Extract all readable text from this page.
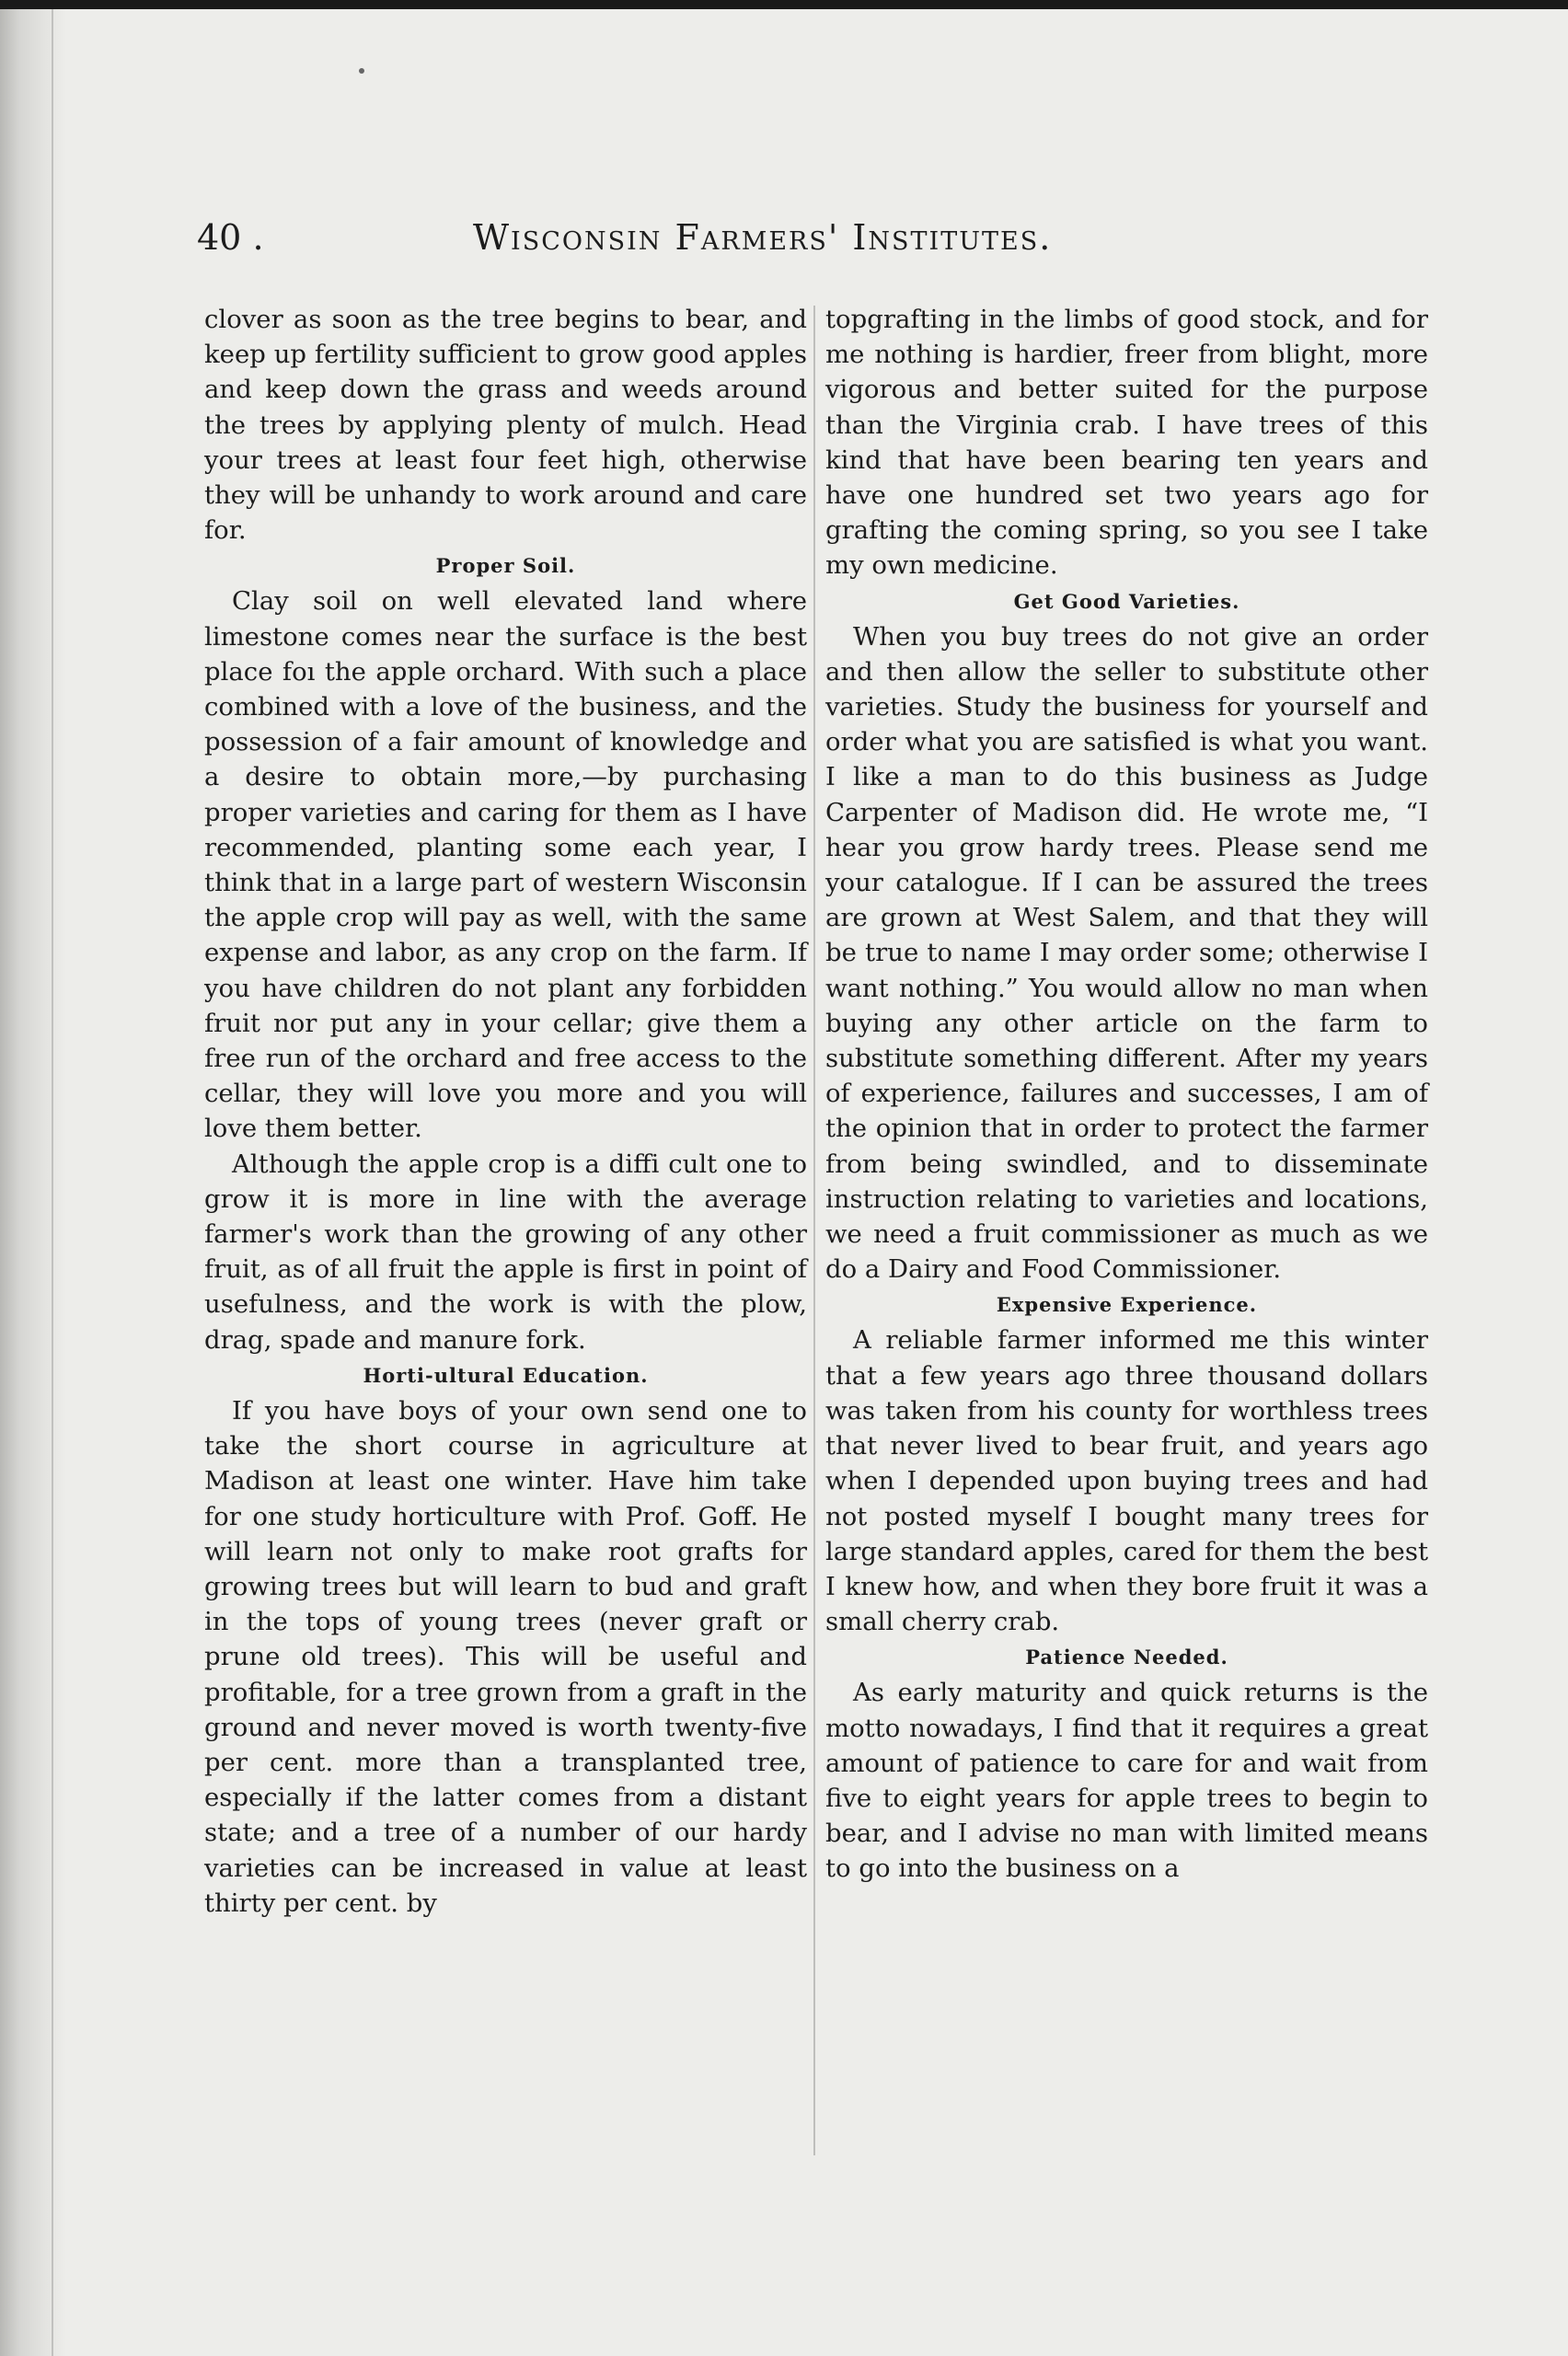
40 .	Wisconsin Farmers' Institutes.

clover as soon as the tree begins to bear, and keep up fertility sufficient to grow good apples and keep down the grass and weeds around the trees by applying plenty of mulch. Head your trees at least four feet high, otherwise they will be unhandy to work around and care for.

Proper Soil.

Clay soil on well elevated land where limestone comes near the surface is the best place foı the apple orchard. With such a place combined with a love of the business, and the possession of a fair amount of knowledge and a desire to obtain more,—by purchasing proper varieties and caring for them as I have recommended, planting some each year, I think that in a large part of western Wisconsin the apple crop will pay as well, with the same expense and labor, as any crop on the farm. If you have children do not plant any forbidden fruit nor put any in your cellar; give them a free run of the orchard and free access to the cellar, they will love you more and you will love them better.

Although the apple crop is a diffi cult one to grow it is more in line with the average farmer's work than the growing of any other fruit, as of all fruit the apple is first in point of usefulness, and the work is with the plow, drag, spade and manure fork.

Horti‐ultural Education.

If you have boys of your own send one to take the short course in agriculture at Madison at least one winter. Have him take for one study horticulture with Prof. Goff. He will learn not only to make root grafts for growing trees but will learn to bud and graft in the tops of young trees (never graft or prune old trees). This will be useful and profitable, for a tree grown from a graft in the ground and never moved is worth twenty-five per cent. more than a transplanted tree, especially if the latter comes from a distant state; and a tree of a number of our hardy varieties can be increased in value at least thirty per cent. by

topgrafting in the limbs of good stock, and for me nothing is hardier, freer from blight, more vigorous and better suited for the purpose than the Virginia crab. I have trees of this kind that have been bearing ten years and have one hundred set two years ago for grafting the coming spring, so you see I take my own medicine.

Get Good Varieties.

When you buy trees do not give an order and then allow the seller to substitute other varieties. Study the business for yourself and order what you are satisfied is what you want. I like a man to do this business as Judge Carpenter of Madison did. He wrote me, “I hear you grow hardy trees. Please send me your catalogue. If I can be assured the trees are grown at West Salem, and that they will be true to name I may order some; otherwise I want nothing.” You would allow no man when buying any other article on the farm to substitute something different. After my years of experience, failures and successes, I am of the opinion that in order to protect the farmer from being swindled, and to disseminate instruction relating to varieties and locations, we need a fruit commissioner as much as we do a Dairy and Food Commissioner.

Expensive Experience.

A reliable farmer informed me this winter that a few years ago three thousand dollars was taken from his county for worthless trees that never lived to bear fruit, and years ago when I depended upon buying trees and had not posted myself I bought many trees for large standard apples, cared for them the best I knew how, and when they bore fruit it was a small cherry crab.

Patience Needed.

As early maturity and quick returns is the motto nowadays, I find that it requires a great amount of patience to care for and wait from five to eight years for apple trees to begin to bear, and I advise no man with limited means to go into the business on a
